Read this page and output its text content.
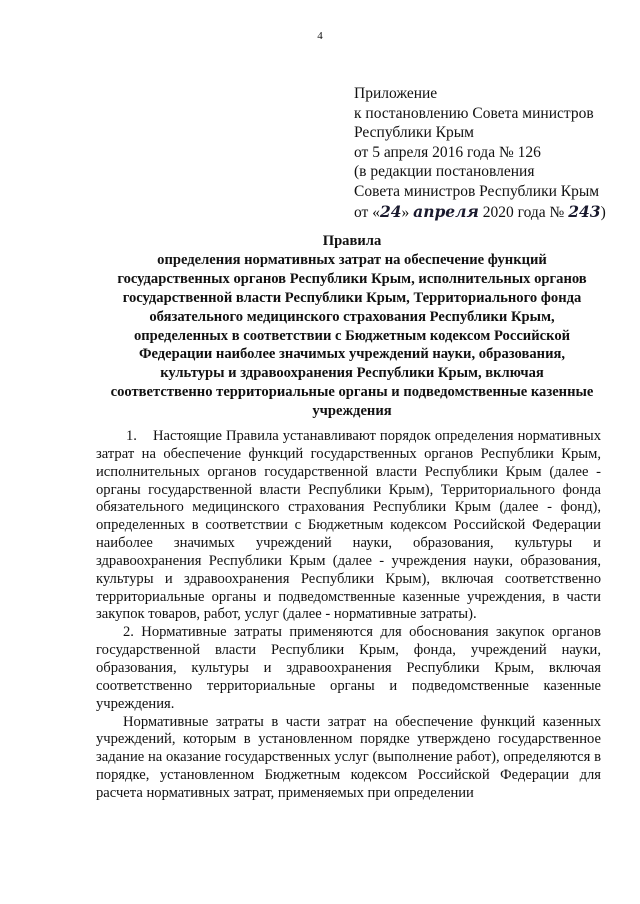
4
Приложение
к постановлению Совета министров
Республики Крым
от 5 апреля 2016 года № 126
(в редакции постановления
Совета министров Республики Крым
от «24» апреля 2020 года № 243)
Правила
определения нормативных затрат на обеспечение функций
государственных органов Республики Крым, исполнительных органов
государственной власти Республики Крым, Территориального фонда
обязательного медицинского страхования Республики Крым,
определенных в соответствии с Бюджетным кодексом Российской
Федерации наиболее значимых учреждений науки, образования,
культуры и здравоохранения Республики Крым, включая
соответственно территориальные органы и подведомственные казенные
учреждения

1.    Настоящие Правила устанавливают порядок определения нормативных затрат на обеспечение функций государственных органов Республики Крым, исполнительных органов государственной власти Республики Крым (далее - органы государственной власти Республики Крым), Территориального фонда обязательного медицинского страхования Республики Крым (далее - фонд), определенных в соответствии с Бюджетным кодексом Российской Федерации наиболее значимых учреждений науки, образования, культуры и здравоохранения Республики Крым (далее - учреждения науки, образования, культуры и здравоохранения Республики Крым), включая соответственно территориальные органы и подведомственные казенные учреждения, в части закупок товаров, работ, услуг (далее - нормативные затраты).

2. Нормативные затраты применяются для обоснования закупок органов государственной власти Республики Крым, фонда, учреждений науки, образования, культуры и здравоохранения Республики Крым, включая соответственно территориальные органы и подведомственные казенные учреждения.

Нормативные затраты в части затрат на обеспечение функций казенных учреждений, которым в установленном порядке утверждено государственное задание на оказание государственных услуг (выполнение работ), определяются в порядке, установленном Бюджетным кодексом Российской Федерации для расчета нормативных затрат, применяемых при определении
